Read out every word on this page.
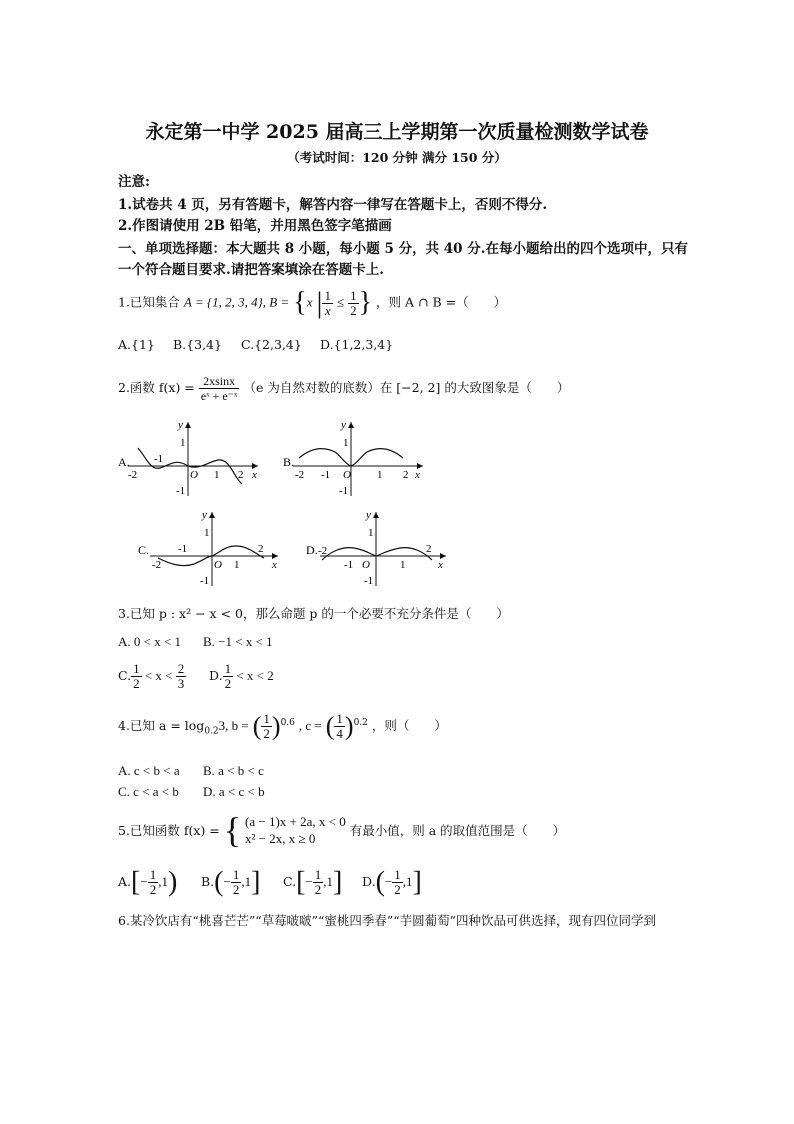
永定第一中学 2025 届高三上学期第一次质量检测数学试卷
（考试时间：120 分钟 满分 150 分）
注意:
1.试卷共 4 页，另有答题卡，解答内容一律写在答题卡上，否则不得分.
2.作图请使用 2B 铅笔，并用黑色签字笔描画
一、单项选择题：本大题共 8 小题，每小题 5 分，共 40 分.在每小题给出的四个选项中，只有
一个符合题目要求.请把答案填涂在答题卡上.
1.已知集合 A = {1, 2, 3, 4}, B = {x | $\frac{1}{x} \le \frac{1}{2}$ } ，则 A ∩ B =（　　）
A.{1} B.{3,4} C.{2,3,4} D.{1,2,3,4}
2.函数 $f(x) = \frac{2xsinx}{\text{eˣ + e⁻ˣ}} (e$ 为自然对数的底数）在 [−2, 2] 的大致图象是（　　）
A.
y
1
-1
-2
-1
O 1 2 x
B.
y
1
-1
-2 -1 O 1 2 x
C.
y
1
-1
-2
-1
O 1
2
x
D. -2
y
1
-1
-1 O	1
2
x
3.已知 p : x² − x < 0，那么命题 p 的一个必要不充分条件是（　　）
A. 0 < x < 1 B. −1 < x < 1
C. $\frac{1}{2} < x < \frac{2}{3} D$. $\frac{1}{2} < x < 2$
4.已知 $a = \log_{0.2}3$, b = ( $\frac{1}{2} )^{0.6}$ , c = ( $\frac{1}{4} )^{0.2}$ ，则（　　）
A. c < b < a B. a < b < c
C. c < a < b D. a < c < b
5.已知函数 f(x) = { (a − 1)x + 2a, x < 0
x² − 2x, x ≥ 0
有最小值，则 a 的取值范围是（　　）
$A.[- \frac{1}{2} ,1)$ $B.(- \frac{1}{2} ,1]$ $C.[- \frac{1}{2} ,1]$ $D.(- \frac{1}{2} ,1]$
6.某冷饮店有“桃喜芒芒”“草莓啵啵”“蜜桃四季春”“芋圆葡萄”四种饮品可供选择，现有四位同学到
